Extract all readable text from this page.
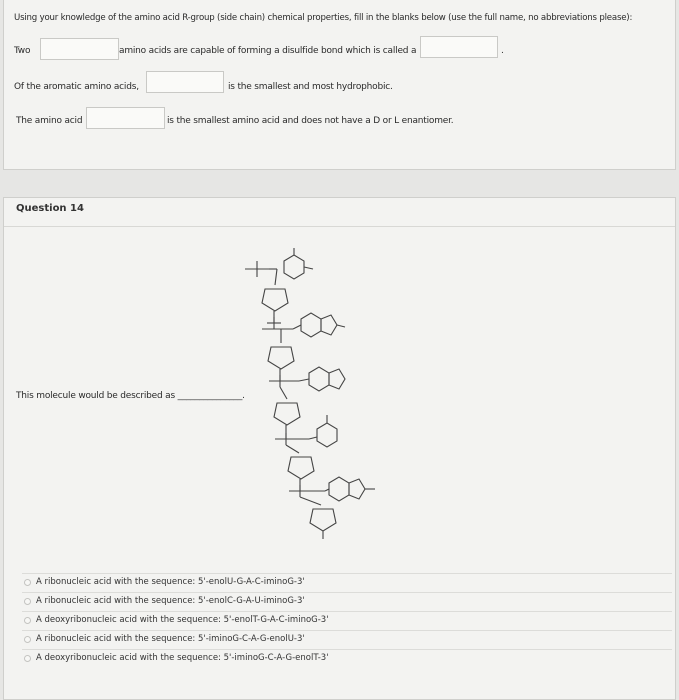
Using your knowledge of the amino acid R-group (side chain) chemical properties, fill in the blanks below (use the full name, no abbreviations please):
Two	amino acids are capable of forming a disulfide bond which is called a	.
Of the aromatic amino acids,	is the smallest and most hydrophobic.
The amino acid	is the smallest amino acid and does not have a D or L enantiomer.
Question 14
This molecule would be described as _______________.
A ribonucleic acid with the sequence: 5'-enolU-G-A-C-iminoG-3'
A ribonucleic acid with the sequence: 5'-enolC-G-A-U-iminoG-3'
A deoxyribonucleic acid with the sequence: 5'-enolT-G-A-C-iminoG-3'
A ribonucleic acid with the sequence: 5'-iminoG-C-A-G-enolU-3'
A deoxyribonucleic acid with the sequence: 5'-iminoG-C-A-G-enolT-3'
